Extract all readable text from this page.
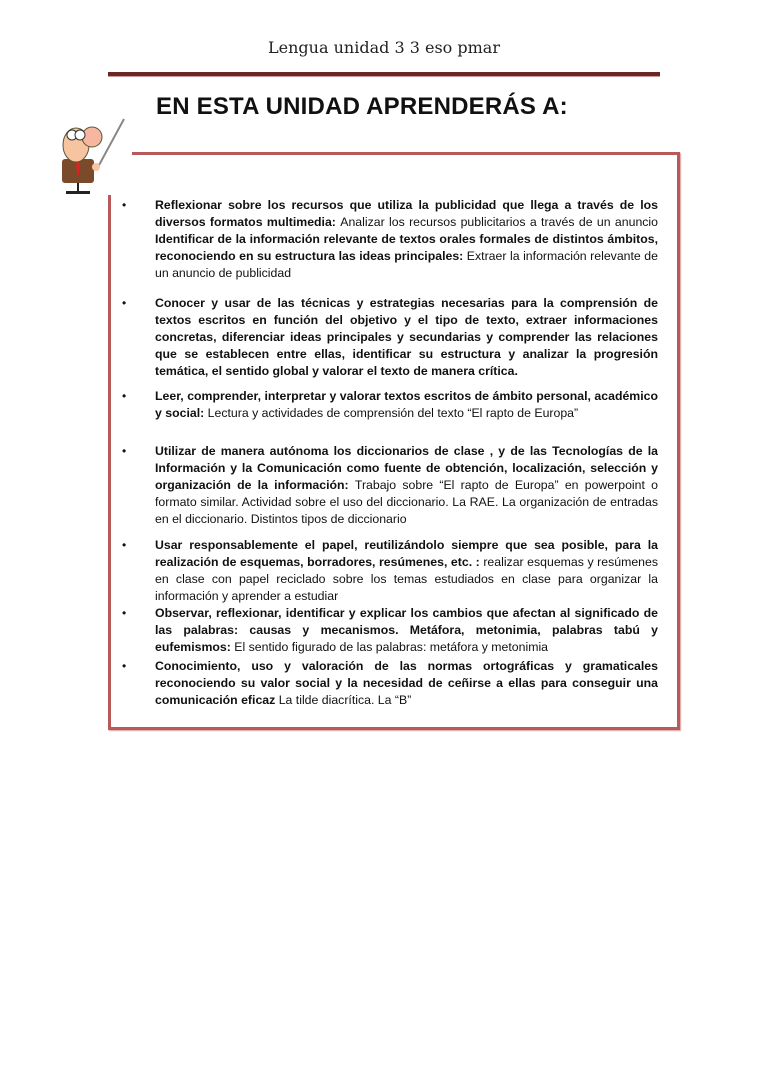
Lengua unidad 3 3 eso pmar
EN ESTA UNIDAD APRENDERÁS A:
• Reflexionar sobre los recursos que utiliza la publicidad que llega a través de los diversos formatos multimedia: Analizar los recursos publicitarios a través de un anuncio Identificar de la información relevante de textos orales formales de distintos ámbitos, reconociendo en su estructura las ideas principales: Extraer la información relevante de un anuncio de publicidad
• Conocer y usar de las técnicas y estrategias necesarias para la comprensión de textos escritos en función del objetivo y el tipo de texto, extraer informaciones concretas, diferenciar ideas principales y secundarias y comprender las relaciones que se establecen entre ellas, identificar su estructura y analizar la progresión temática, el sentido global y valorar el texto de manera crítica.
• Leer, comprender, interpretar y valorar textos escritos de ámbito personal, académico y social: Lectura y actividades de comprensión del texto “El rapto de Europa”
• Utilizar de manera autónoma los diccionarios de clase , y de las Tecnologías de la Información y la Comunicación como fuente de obtención, localización, selección y organización de la información: Trabajo sobre “El rapto de Europa” en powerpoint o formato similar. Actividad sobre el uso del diccionario. La RAE. La organización de entradas en el diccionario. Distintos tipos de diccionario
• Usar responsablemente el papel, reutilizándolo siempre que sea posible, para la realización de esquemas, borradores, resúmenes, etc. : realizar esquemas y resúmenes en clase con papel reciclado sobre los temas estudiados en clase para organizar la información y aprender a estudiar
• Observar, reflexionar, identificar y explicar los cambios que afectan al significado de las palabras: causas y mecanismos. Metáfora, metonimia, palabras tabú y eufemismos: El sentido figurado de las palabras: metáfora y metonimia
• Conocimiento, uso y valoración de las normas ortográficas y gramaticales reconociendo su valor social y la necesidad de ceñirse a ellas para conseguir una comunicación eficaz La tilde diacrítica. La “B”
